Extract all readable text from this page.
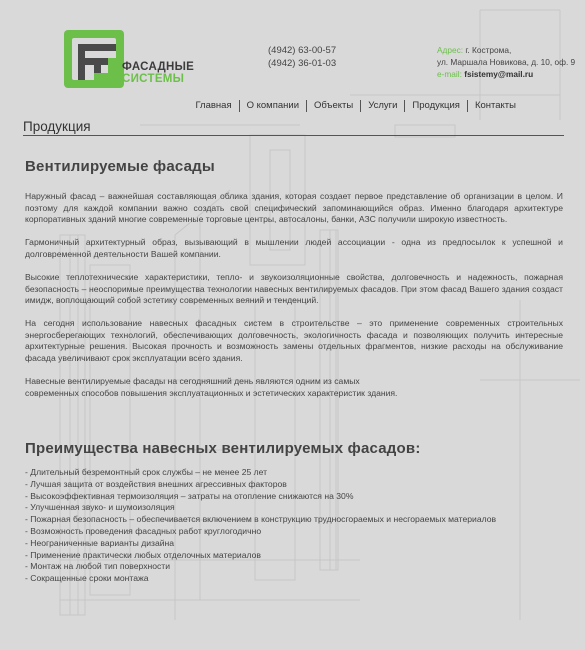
ФАСАДНЫЕ
СИСТЕМЫ
(4942) 63-00-57
(4942) 36-01-03
Адрес: г. Кострома,
ул. Маршала Новикова, д. 10, оф. 9
e-mail: fsistemy@mail.ru
Главная	О компании	Объекты	Услуги	Продукция	Контакты
Продукция
Вентилируемые фасады

Наружный фасад – важнейшая составляющая облика здания, которая создает первое представление об организации в целом. И поэтому для каждой компании важно создать свой специфический запоминающийся образ. Именно благодаря архитектуре корпоративных зданий многие современные торговые центры, автосалоны, банки, АЗС получили широкую известность.

Гармоничный архитектурный образ, вызывающий в мышлении людей ассоциации - одна из предпосылок к успешной и долговременной деятельности Вашей компании.

Высокие теплотехнические характеристики, тепло- и звукоизоляционные свойства, долговечность и надежность, пожарная безопасность – неоспоримые преимущества технологии навесных вентилируемых фасадов. При этом фасад Вашего здания создаст имидж, воплощающий собой эстетику современных веяний и тенденций.

На сегодня использование навесных фасадных систем в строительстве – это применение современных строительных энергосберегающих технологий, обеспечивающих долговечность, экологичность фасада и позволяющих получить интересные архитектурные решения. Высокая прочность и возможность замены отдельных фрагментов, низкие расходы на обслуживание фасада увеличивают срок эксплуатации всего здания.

Навесные вентилируемые фасады на сегодняшний день являются одним из самых
современных способов повышения эксплуатационных и эстетических характеристик здания.

Преимущества навесных вентилируемых фасадов:
- Длительный безремонтный срок службы – не менее 25 лет
- Лучшая защита от воздействия внешних агрессивных факторов
- Высокоэффективная термоизоляция – затраты на отопление снижаются на 30%
- Улучшенная звуко- и шумоизоляция
- Пожарная безопасность – обеспечивается включением в конструкцию трудносгораемых и несгораемых материалов
- Возможность проведения фасадных работ круглогодично
- Неограниченные варианты дизайна
- Применение практически любых отделочных материалов
- Монтаж на любой тип поверхности
- Сокращенные сроки монтажа
